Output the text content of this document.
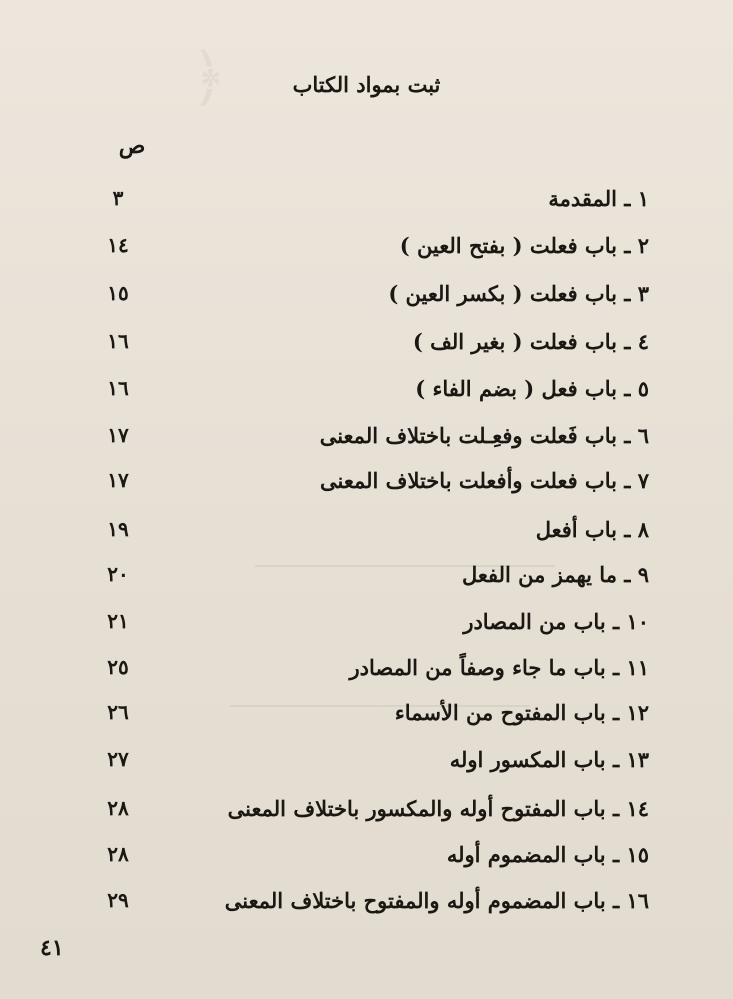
﴿	ثبت بمواد الكتاب
ص
١ ـ المقدمة
٣
٢ ـ باب فعلت ( بفتح العين )
١٤
٣ ـ باب فعلت ( بكسر العين )
١٥
٤ ـ باب فعلت ( بغير الف )
١٦
٥ ـ باب فعل ( بضم الفاء )
١٦
٦ ـ باب فَعلت وفعِـلت باختلاف المعنى
١٧
٧ ـ باب فعلت وأفعلت باختلاف المعنى
١٧
٨ ـ باب أفعل
١٩
٩ ـ ما يهمز من الفعل
٢٠
١٠ ـ باب من المصادر
٢١
١١ ـ باب ما جاء وصفاً من المصادر
٢٥
١٢ ـ باب المفتوح من الأسماء
٢٦
١٣ ـ باب المكسور اوله
٢٧
١٤ ـ باب المفتوح أوله والمكسور باختلاف المعنى
٢٨
١٥ ـ باب المضموم أوله
٢٨
١٦ ـ باب المضموم أوله والمفتوح باختلاف المعنى
٢٩
٤١
